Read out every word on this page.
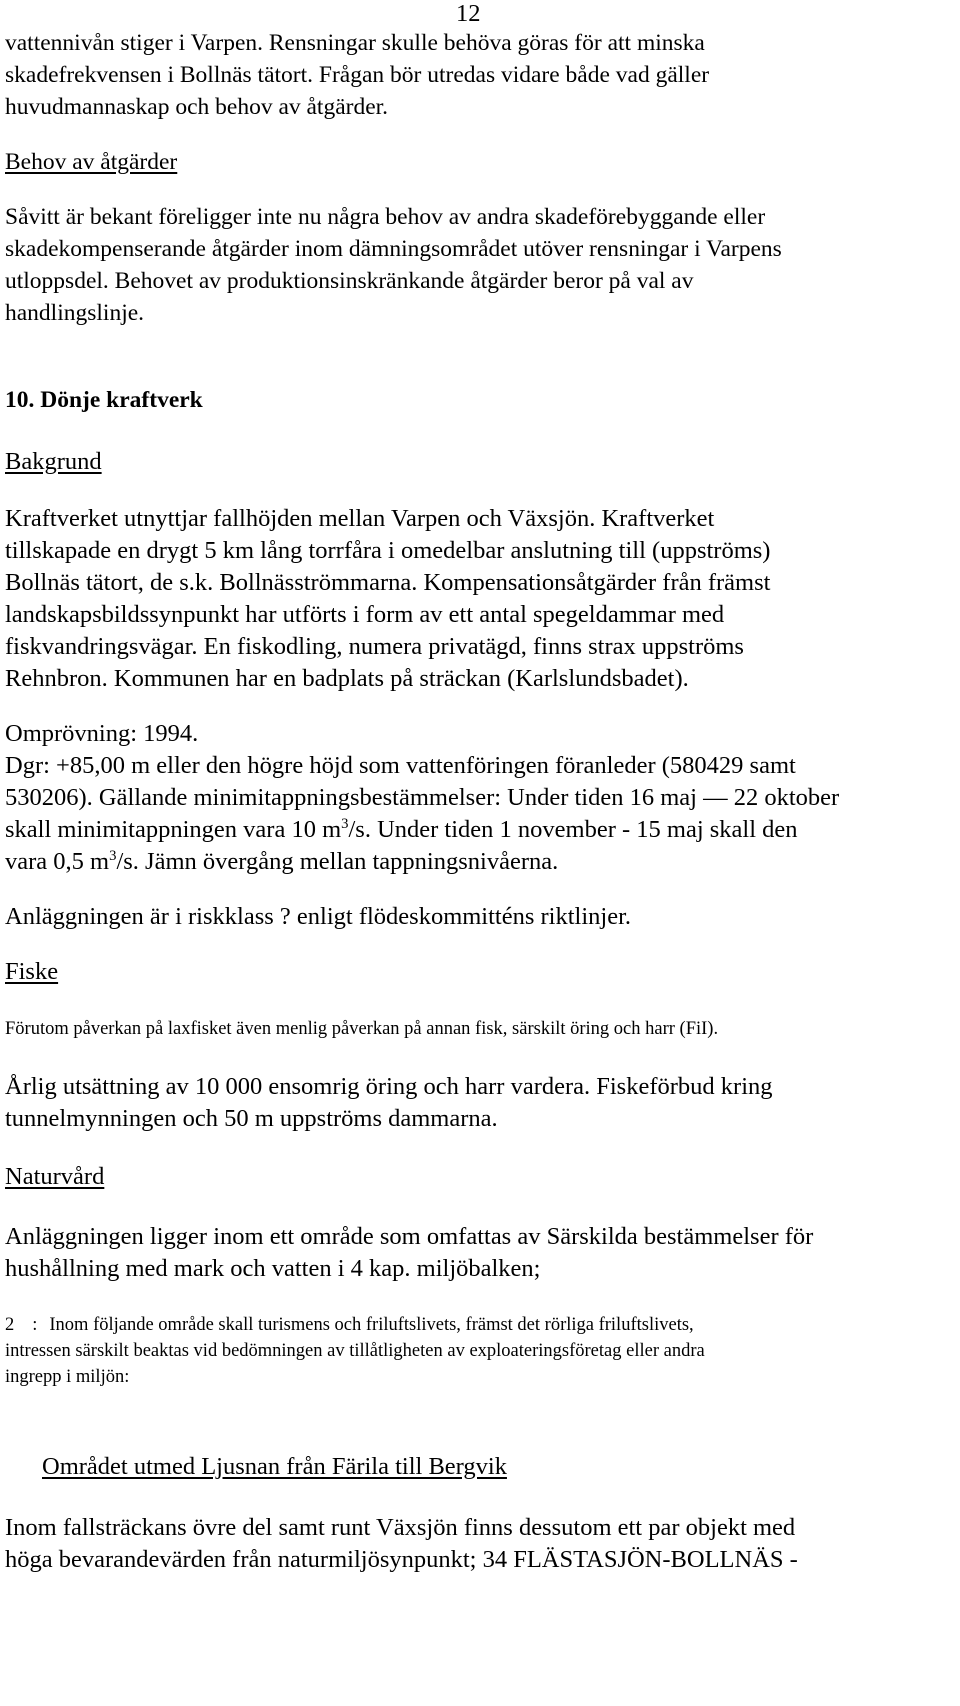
12
vattennivån stiger i Varpen. Rensningar skulle behöva göras för att minska
skadefrekvensen i Bollnäs tätort. Frågan bör utredas vidare både vad gäller
huvudmannaskap och behov av åtgärder.
Behov av åtgärder
Såvitt är bekant föreligger inte nu några behov av andra skadeförebyggande eller
skadekompenserande åtgärder inom dämningsområdet utöver rensningar i Varpens
utloppsdel. Behovet av produktionsinskränkande åtgärder beror på val av
handlingslinje.
10. Dönje kraftverk
Bakgrund
Kraftverket utnyttjar fallhöjden mellan Varpen och Växsjön. Kraftverket
tillskapade en drygt 5 km lång torrfåra i omedelbar anslutning till (uppströms)
Bollnäs tätort, de s.k. Bollnäsströmmarna. Kompensationsåtgärder från främst
landskapsbildssynpunkt har utförts i form av ett antal spegeldammar med
fiskvandringsvägar. En fiskodling, numera privatägd, finns strax uppströms
Rehnbron. Kommunen har en badplats på sträckan (Karlslundsbadet).
Omprövning: 1994.
Dgr: +85,00 m eller den högre höjd som vattenföringen föranleder (580429 samt
530206). Gällande minimitappningsbestämmelser: Under tiden 16 maj — 22 oktober
skall minimitappningen vara 10 $m^3/s$. Under tiden 1 november - 15 maj skall den
vara 0,5 $m^3/s$. Jämn övergång mellan tappningsnivåerna.
Anläggningen är i riskklass ? enligt flödeskommitténs riktlinjer.
Fiske
Förutom påverkan på laxfisket även menlig påverkan på annan fisk, särskilt öring och harr (FiI).
Årlig utsättning av 10 000 ensomrig öring och harr vardera. Fiskeförbud kring
tunnelmynningen och 50 m uppströms dammarna.
Naturvård
Anläggningen ligger inom ett område som omfattas av Särskilda bestämmelser för
hushållning med mark och vatten i 4 kap. miljöbalken;
2 : Inom följande område skall turismens och friluftslivets, främst det rörliga friluftslivets,
intressen särskilt beaktas vid bedömningen av tillåtligheten av exploateringsföretag eller andra
ingrepp i miljön:
Området utmed Ljusnan från Färila till Bergvik
Inom fallsträckans övre del samt runt Växsjön finns dessutom ett par objekt med
höga bevarandevärden från naturmiljösynpunkt; 34 FLÄSTASJÖN-BOLLNÄS -
